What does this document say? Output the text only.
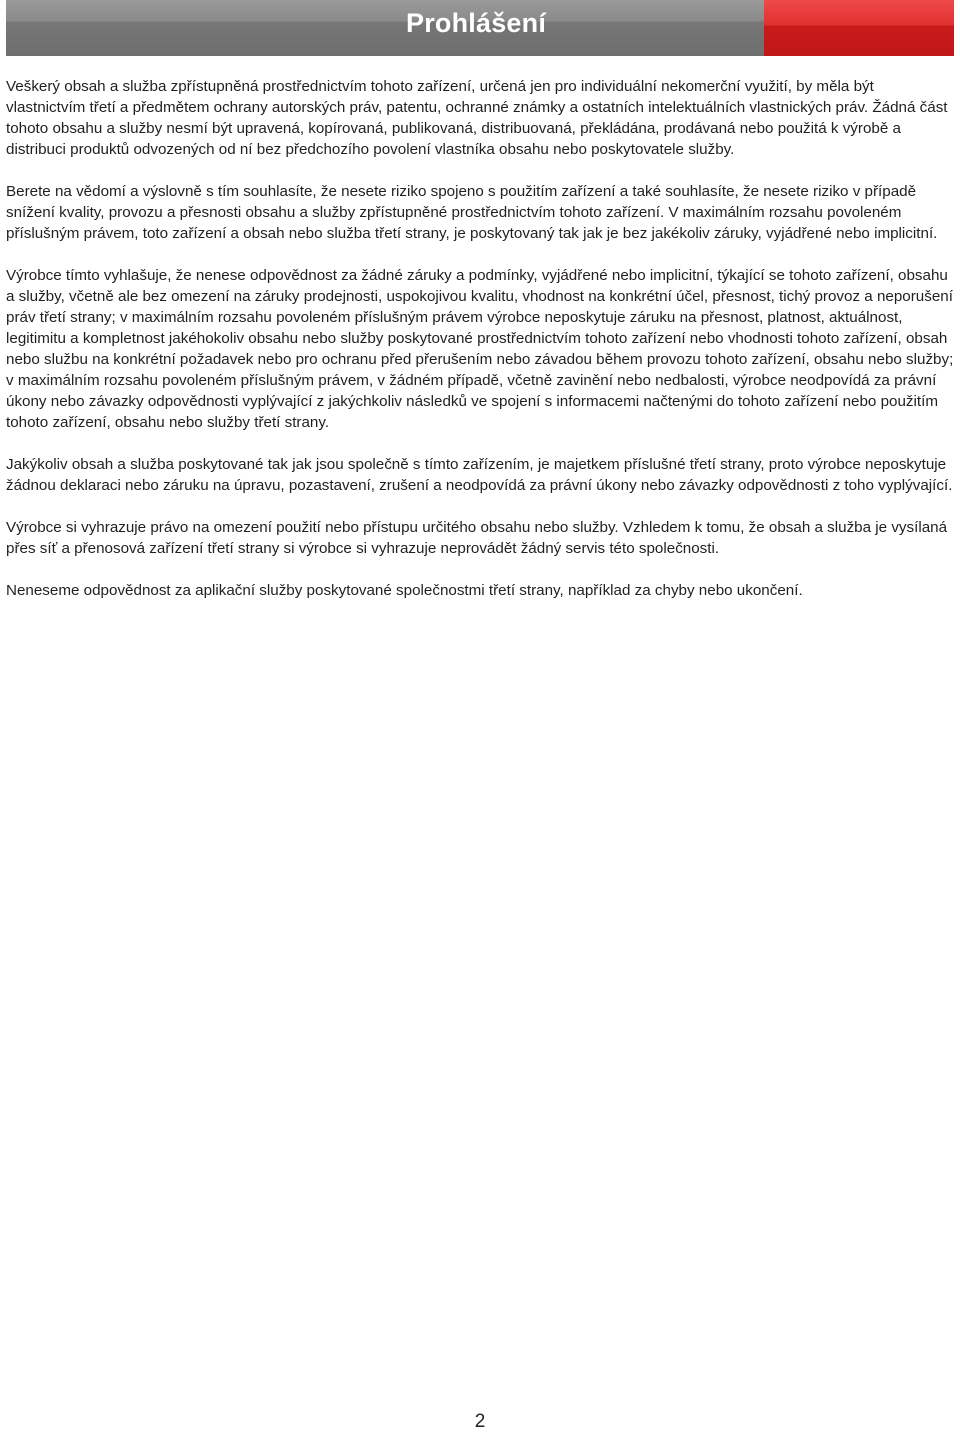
Prohlášení

Veškerý obsah a služba zpřístupněná prostřednictvím tohoto zařízení, určená jen pro individuální nekomerční využití, by měla být vlastnictvím třetí a předmětem ochrany autorských práv, patentu, ochranné známky a ostatních intelektuálních vlastnických práv. Žádná část tohoto obsahu a služby nesmí být upravená, kopírovaná, publikovaná, distribuovaná, překládána, prodávaná nebo použitá k výrobě a distribuci produktů odvozených od ní bez předchozího povolení vlastníka obsahu nebo poskytovatele služby.

Berete na vědomí a výslovně s tím souhlasíte, že nesete riziko spojeno s použitím zařízení a také souhlasíte, že nesete riziko v případě snížení kvality, provozu a přesnosti obsahu a služby zpřístupněné prostřednictvím tohoto zařízení. V maximálním rozsahu povoleném příslušným právem, toto zařízení a obsah nebo služba třetí strany, je poskytovaný tak jak je bez jakékoliv záruky, vyjádřené nebo implicitní.

Výrobce tímto vyhlašuje, že nenese odpovědnost za žádné záruky a podmínky, vyjádřené nebo implicitní, týkající se tohoto zařízení, obsahu a služby, včetně ale bez omezení na záruky prodejnosti, uspokojivou kvalitu, vhodnost na konkrétní účel, přesnost, tichý provoz a neporušení práv třetí strany; v maximálním rozsahu povoleném příslušným právem výrobce neposkytuje záruku na přesnost, platnost, aktuálnost, legitimitu a kompletnost jakéhokoliv obsahu nebo služby poskytované prostřednictvím tohoto zařízení nebo vhodnosti tohoto zařízení, obsah nebo službu na konkrétní požadavek nebo pro ochranu před přerušením nebo závadou během provozu tohoto zařízení, obsahu nebo služby; v maximálním rozsahu povoleném příslušným právem, v žádném případě, včetně zavinění nebo nedbalosti, výrobce neodpovídá za právní úkony nebo závazky odpovědnosti vyplývající z jakýchkoliv následků ve spojení s informacemi načtenými do tohoto zařízení nebo použitím tohoto zařízení, obsahu nebo služby třetí strany.

Jakýkoliv obsah a služba poskytované tak jak jsou společně s tímto zařízením, je majetkem příslušné třetí strany, proto výrobce neposkytuje žádnou deklaraci nebo záruku na úpravu, pozastavení, zrušení a neodpovídá za právní úkony nebo závazky odpovědnosti z toho vyplývající.

Výrobce si vyhrazuje právo na omezení použití nebo přístupu určitého obsahu nebo služby. Vzhledem k tomu, že obsah a služba je vysílaná přes síť a přenosová zařízení třetí strany si výrobce si vyhrazuje neprovádět žádný servis této společnosti.

Neneseme odpovědnost za aplikační služby poskytované společnostmi třetí strany, například za chyby nebo ukončení.

2
